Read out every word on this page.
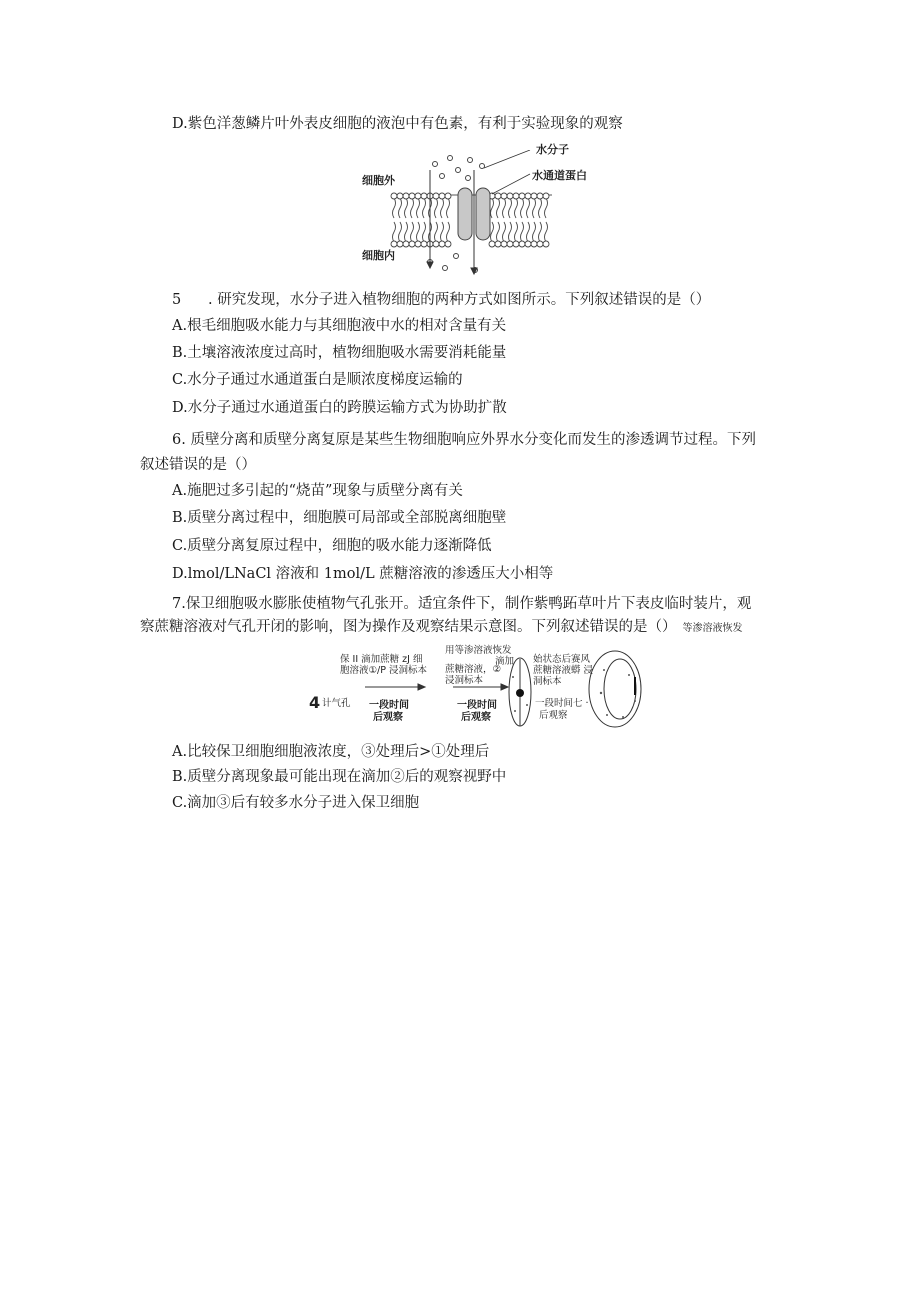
D.紫色洋葱鳞片叶外表皮细胞的液泡中有色素，有利于实验现象的观察
水分子
细胞外	水通道蛋白
细胞内
5 . 研究发现，水分子进入植物细胞的两种方式如图所示。下列叙述错误的是（）
A.根毛细胞吸水能力与其细胞液中水的相对含量有关
B.土壤溶液浓度过高时，植物细胞吸水需要消耗能量
C.水分子通过水通道蛋白是顺浓度梯度运输的
D.水分子通过水通道蛋白的跨膜运输方式为协助扩散
6. 质壁分离和质壁分离复原是某些生物细胞响应外界水分变化而发生的渗透调节过程。下列
叙述错误的是（）
A.施肥过多引起的“烧苗”现象与质壁分离有关
B.质壁分离过程中，细胞膜可局部或全部脱离细胞壁
C.质壁分离复原过程中，细胞的吸水能力逐渐降低
D.lmol/LNaCl 溶液和 1mol/L 蔗糖溶液的渗透压大小相等
7.保卫细胞吸水膨胀使植物气孔张开。适宜条件下，制作紫鸭跖草叶片下表皮临时装片，观
察蔗糖溶液对气孔开闭的影响，图为操作及观察结果示意图。下列叙述错误的是（） 等渗溶液恢发
保 II 滴加蔗糖 zJ 细
胞溶液①/P 浸洞标本
用等渗溶液恢发
滴加
蔗糖溶液，②
浸洞标本
始状态后赛风
蔗糖溶液蟒 浸
洞标本
4 计气孔 一段时间
后观察
一段时间
后观察
一段时间七 ·
后观察
A.比较保卫细胞细胞液浓度，③处理后>①处理后
B.质壁分离现象最可能出现在滴加②后的观察视野中
C.滴加③后有较多水分子进入保卫细胞
